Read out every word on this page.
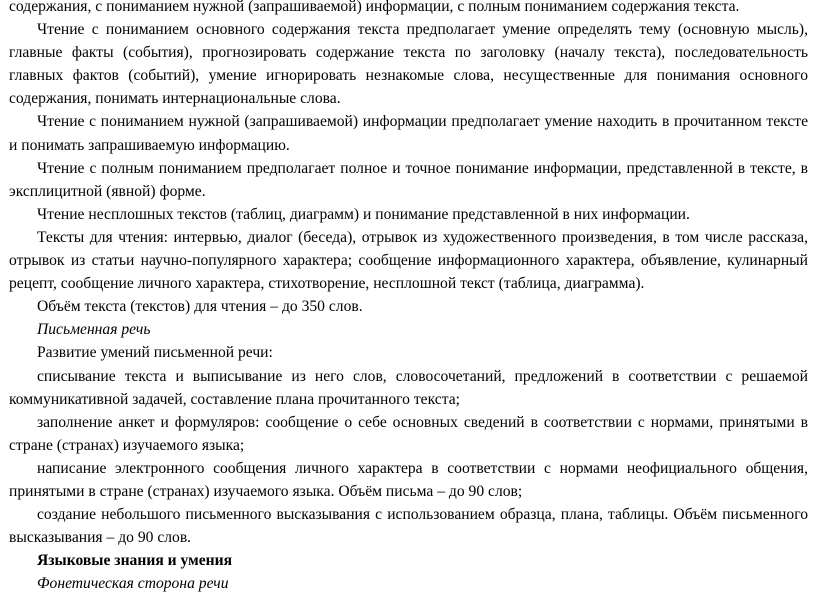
содержания, с пониманием нужной (запрашиваемой) информации, с полным пониманием содержания текста.

Чтение с пониманием основного содержания текста предполагает умение определять тему (основную мысль), главные факты (события), прогнозировать содержание текста по заголовку (началу текста), последовательность главных фактов (событий), умение игнорировать незнакомые слова, несущественные для понимания основного содержания, понимать интернациональные слова.

Чтение с пониманием нужной (запрашиваемой) информации предполагает умение находить в прочитанном тексте и понимать запрашиваемую информацию.

Чтение с полным пониманием предполагает полное и точное понимание информации, представленной в тексте, в эксплицитной (явной) форме.

Чтение несплошных текстов (таблиц, диаграмм) и понимание представленной в них информации.

Тексты для чтения: интервью, диалог (беседа), отрывок из художественного произведения, в том числе рассказа, отрывок из статьи научно-популярного характера; сообщение информационного характера, объявление, кулинарный рецепт, сообщение личного характера, стихотворение, несплошной текст (таблица, диаграмма).

Объём текста (текстов) для чтения – до 350 слов.

Письменная речь

Развитие умений письменной речи:

списывание текста и выписывание из него слов, словосочетаний, предложений в соответствии с решаемой коммуникативной задачей, составление плана прочитанного текста;

заполнение анкет и формуляров: сообщение о себе основных сведений в соответствии с нормами, принятыми в стране (странах) изучаемого языка;

написание электронного сообщения личного характера в соответствии с нормами неофициального общения, принятыми в стране (странах) изучаемого языка. Объём письма – до 90 слов;

создание небольшого письменного высказывания с использованием образца, плана, таблицы. Объём письменного высказывания – до 90 слов.

Языковые знания и умения

Фонетическая сторона речи
